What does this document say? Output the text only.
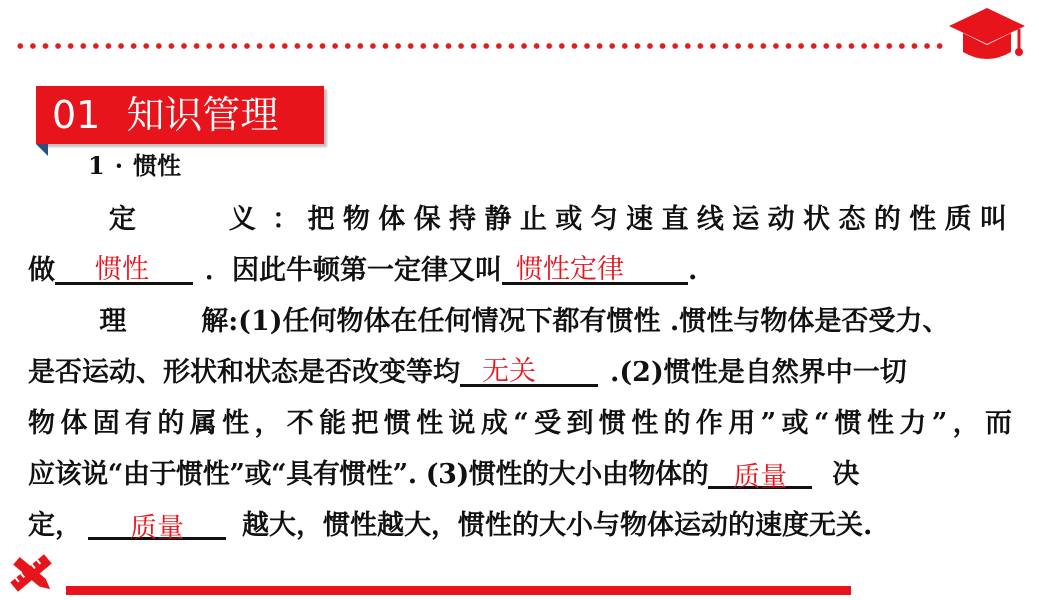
01 知识管理
1 · 惯性
定	义 ：把物体保持静止或匀速直线运动状态的性质叫
做	惯性	．因此牛顿第一定律又叫 惯性定律	.
理	解:(1)任何物体在任何情况下都有惯性 .惯性与物体是否受力、
是否运动、形状和状态是否改变等均 无关	.(2)惯性是自然界中一切
物体固有的属性，不能把惯性说成“受到惯性的作用”或“惯性力”，而
应该说“由于惯性”或“具有惯性”. (3)惯性的大小由物体的 质量	决
定，	质量	越大，惯性越大，惯性的大小与物体运动的速度无关.
